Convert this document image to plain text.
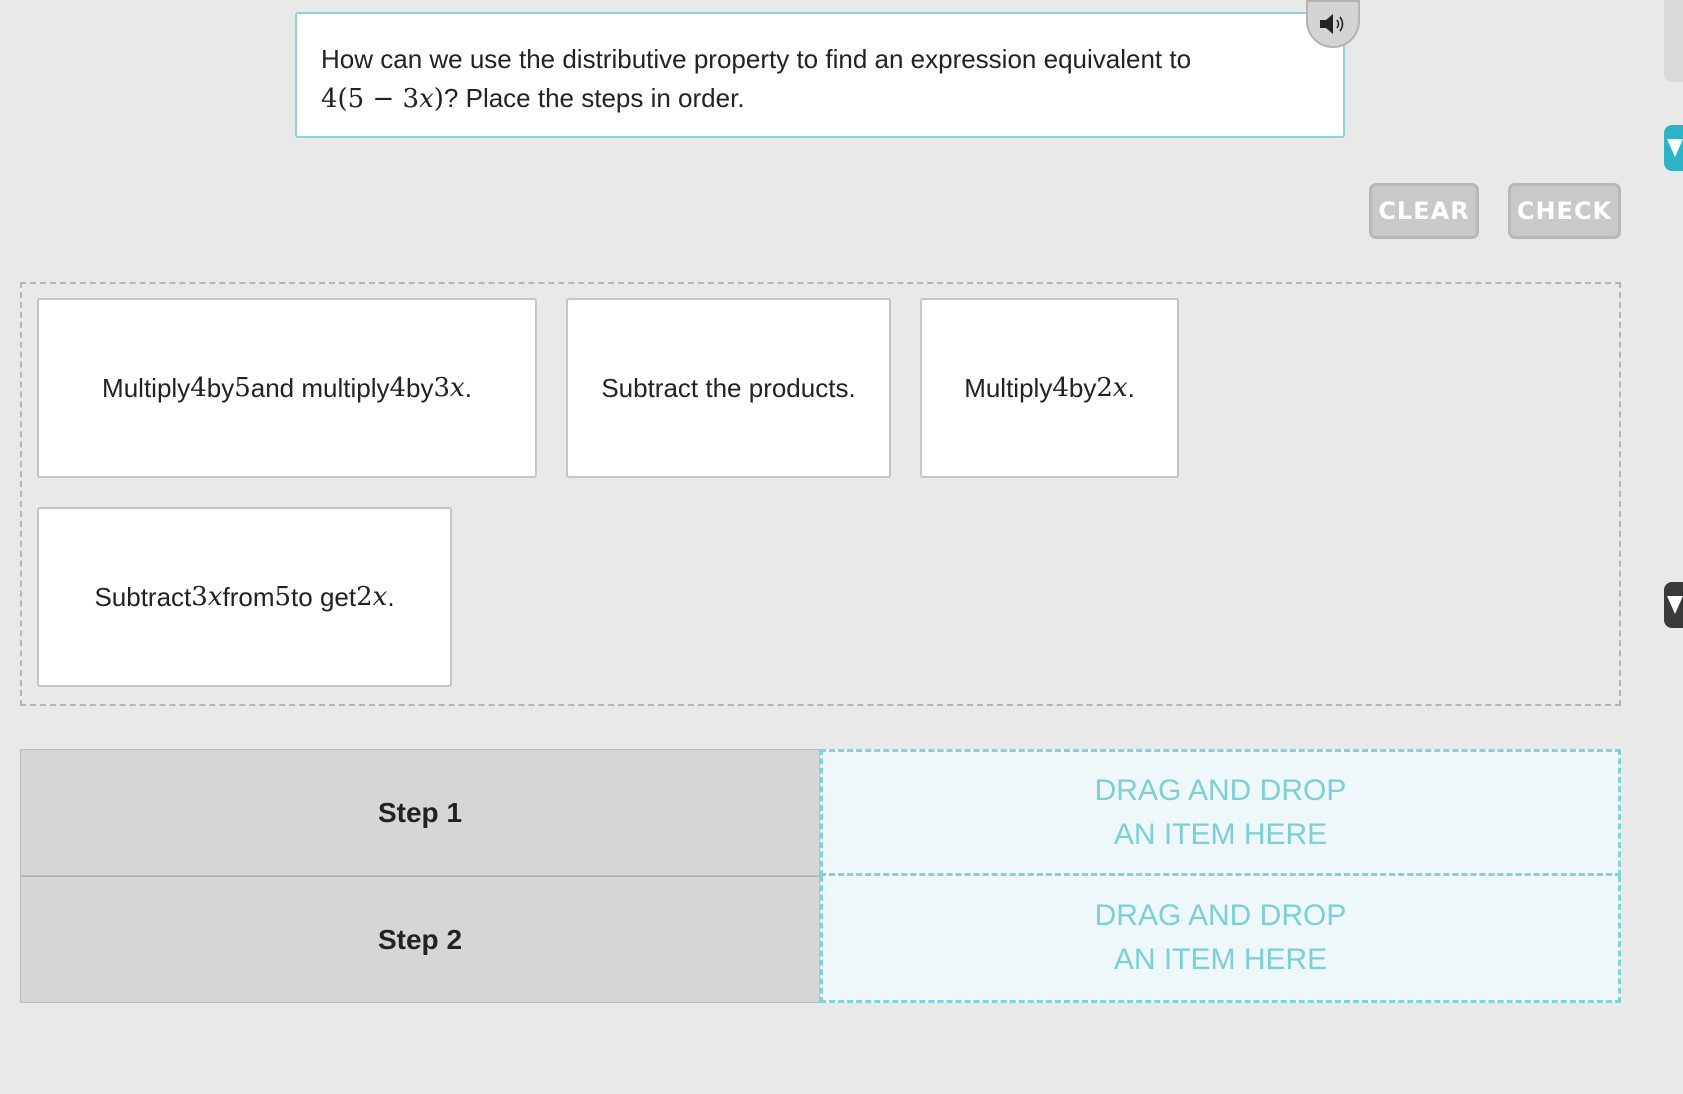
How can we use the distributive property to find an expression equivalent to
4(5 − 3x)? Place the steps in order.
CLEAR	CHECK
Multiply 4 by 5 and multiply 4 by 3 x .	Subtract the products.	Multiply 4 by 2 x .
Subtract 3 x from 5 to get 2 x .
Step 1
DRAG AND DROP
AN ITEM HERE
Step 2
DRAG AND DROP
AN ITEM HERE
